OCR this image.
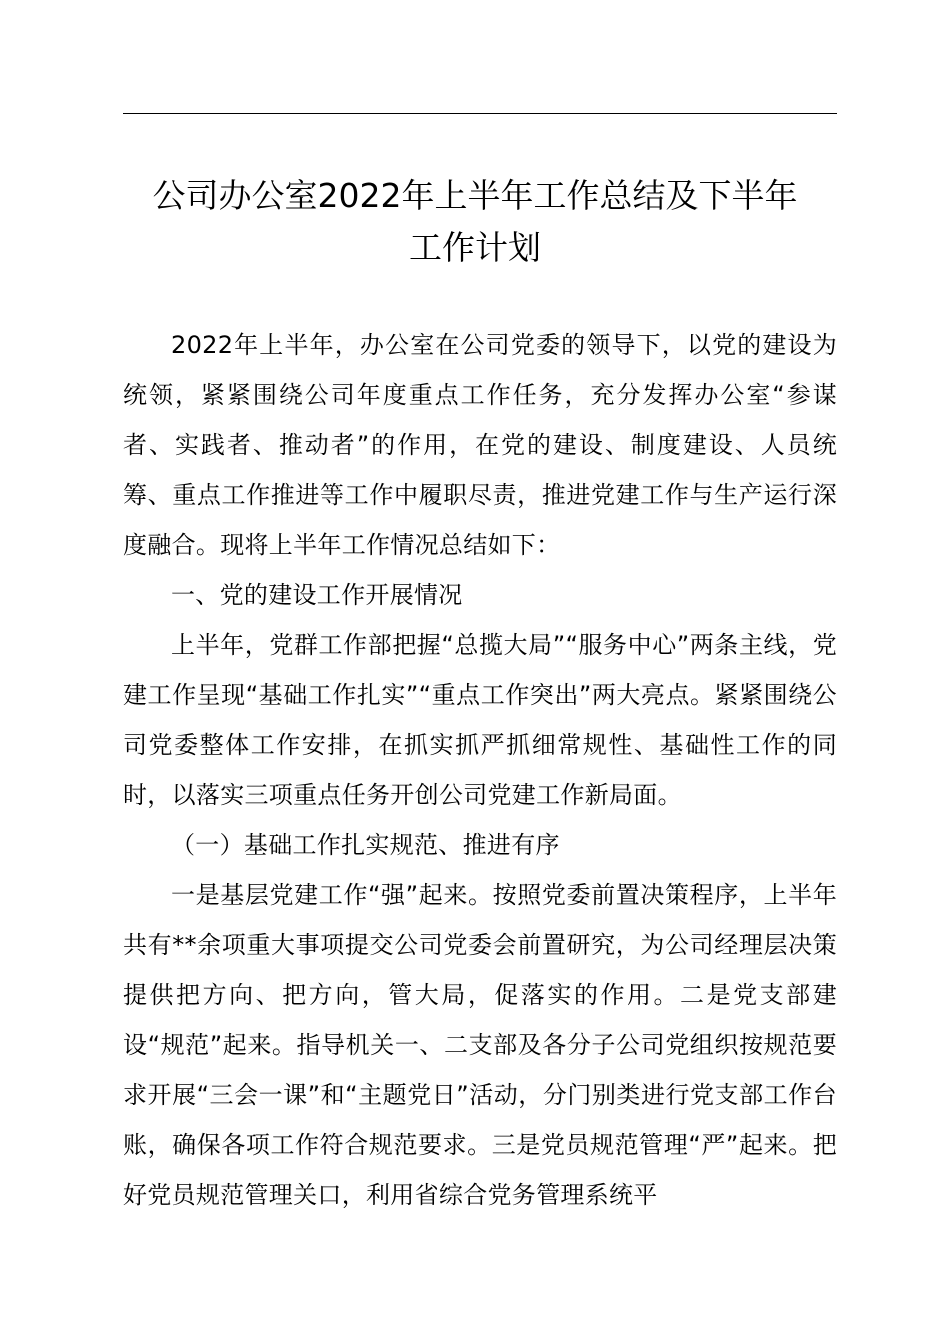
公司办公室2022年上半年工作总结及下半年
工作计划

2022年上半年，办公室在公司党委的领导下，以党的建设为统领，紧紧围绕公司年度重点工作任务，充分发挥办公室“参谋者、实践者、推动者”的作用，在党的建设、制度建设、人员统筹、重点工作推进等工作中履职尽责，推进党建工作与生产运行深度融合。现将上半年工作情况总结如下：

一、党的建设工作开展情况

上半年，党群工作部把握“总揽大局”“服务中心”两条主线，党建工作呈现“基础工作扎实”“重点工作突出”两大亮点。紧紧围绕公司党委整体工作安排，在抓实抓严抓细常规性、基础性工作的同时，以落实三项重点任务开创公司党建工作新局面。

（一）基础工作扎实规范、推进有序

一是基层党建工作“强”起来。按照党委前置决策程序，上半年共有**余项重大事项提交公司党委会前置研究，为公司经理层决策提供把方向、把方向，管大局，促落实的作用。二是党支部建设“规范”起来。指导机关一、二支部及各分子公司党组织按规范要求开展“三会一课”和“主题党日”活动，分门别类进行党支部工作台账，确保各项工作符合规范要求。三是党员规范管理“严”起来。把好党员规范管理关口，利用省综合党务管理系统平
